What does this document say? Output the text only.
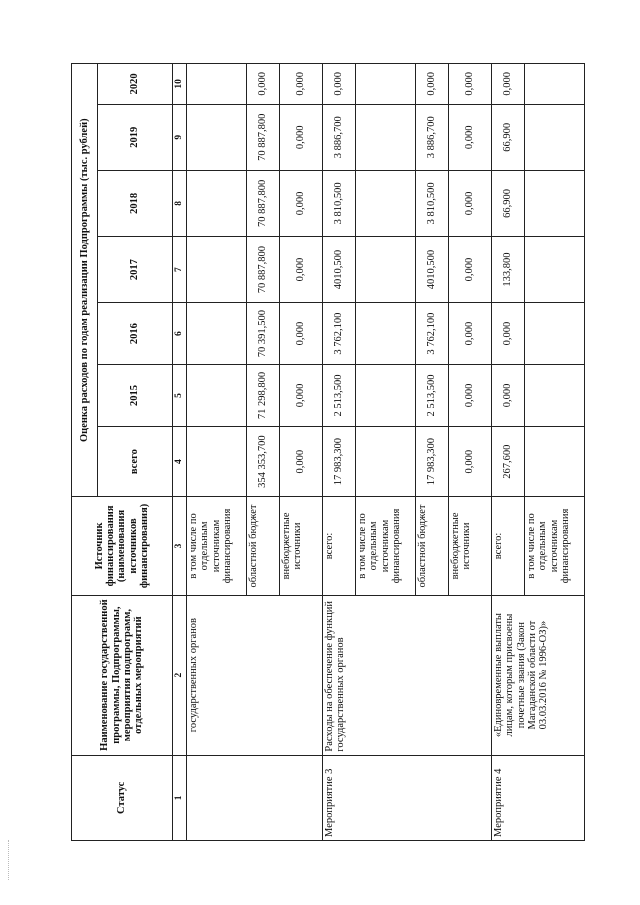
Статус	Наименование государственной программы, Подпрограммы, мероприятия подпрограмм, отдельных мероприятий	Источник финансирования (наименования источников финансирования)	Оценка расходов по годам реализации Подпрограммы (тыс. рублей)						
			всего	2015	2016	2017	2018	2019	2020
1	2	3	4	5	6	7	8	9	10
	государственных органов	в том числе по отдельным источникам финансирования							
		областной бюджет	354 353,700	71 298,800	70 391,500	70 887,800	70 887,800	70 887,800	0,000
		внебюджетные источники	0,000	0,000	0,000	0,000	0,000	0,000	0,000
Мероприятие 3	Расходы на обеспечение функций государственных органов	всего:	17 983,300	2 513,500	3 762,100	4010,500	3 810,500	3 886,700	0,000
		в том числе по отдельным источникам финансирования							
		областной бюджет	17 983,300	2 513,500	3 762,100	4010,500	3 810,500	3 886,700	0,000
		внебюджетные источники	0,000	0,000	0,000	0,000	0,000	0,000	0,000
Мероприятие 4	«Единовременные выплаты лицам, которым присвоены почетные звания (Закон Магаданской области от 03.03.2016 № 1996-ОЗ)»	всего:	267,600	0,000	0,000	133,800	66,900	66,900	0,000
		в том числе по отдельным источникам финансирования							
